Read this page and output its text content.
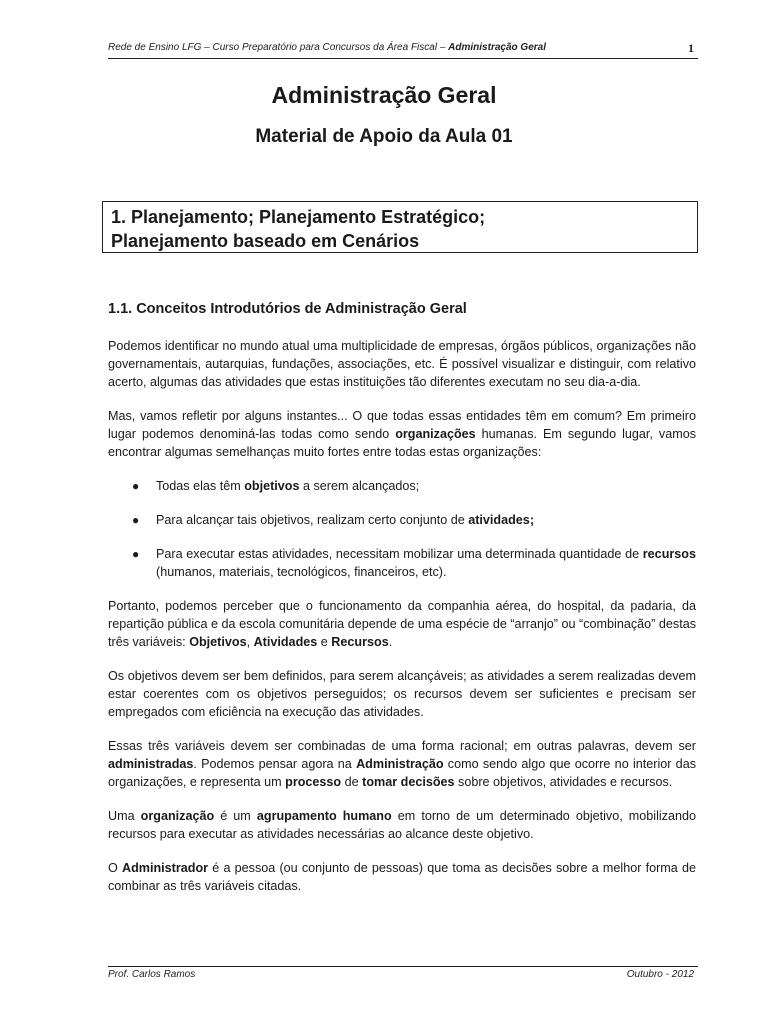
Rede de Ensino LFG – Curso Preparatório para Concursos da Área Fiscal – Administração Geral	1
Administração Geral
Material de Apoio da Aula 01
1. Planejamento; Planejamento Estratégico;
Planejamento baseado em Cenários
1.1. Conceitos Introdutórios de Administração Geral

Podemos identificar no mundo atual uma multiplicidade de empresas, órgãos públicos, organizações não governamentais, autarquias, fundações, associações, etc. É possível visualizar e distinguir, com relativo acerto, algumas das atividades que estas instituições tão diferentes executam no seu dia-a-dia.

Mas, vamos refletir por alguns instantes... O que todas essas entidades têm em comum? Em primeiro lugar podemos denominá-las todas como sendo organizações humanas. Em segundo lugar, vamos encontrar algumas semelhanças muito fortes entre todas estas organizações:

● Todas elas têm objetivos a serem alcançados;
● Para alcançar tais objetivos, realizam certo conjunto de atividades;
● Para executar estas atividades, necessitam mobilizar uma determinada quantidade de recursos (humanos, materiais, tecnológicos, financeiros, etc).

Portanto, podemos perceber que o funcionamento da companhia aérea, do hospital, da padaria, da repartição pública e da escola comunitária depende de uma espécie de “arranjo” ou “combinação” destas três variáveis: Objetivos, Atividades e Recursos.

Os objetivos devem ser bem definidos, para serem alcançáveis; as atividades a serem realizadas devem estar coerentes com os objetivos perseguidos; os recursos devem ser suficientes e precisam ser empregados com eficiência na execução das atividades.

Essas três variáveis devem ser combinadas de uma forma racional; em outras palavras, devem ser administradas. Podemos pensar agora na Administração como sendo algo que ocorre no interior das organizações, e representa um processo de tomar decisões sobre objetivos, atividades e recursos.

Uma organização é um agrupamento humano em torno de um determinado objetivo, mobilizando recursos para executar as atividades necessárias ao alcance deste objetivo.

O Administrador é a pessoa (ou conjunto de pessoas) que toma as decisões sobre a melhor forma de combinar as três variáveis citadas.

Prof. Carlos Ramos	Outubro - 2012
